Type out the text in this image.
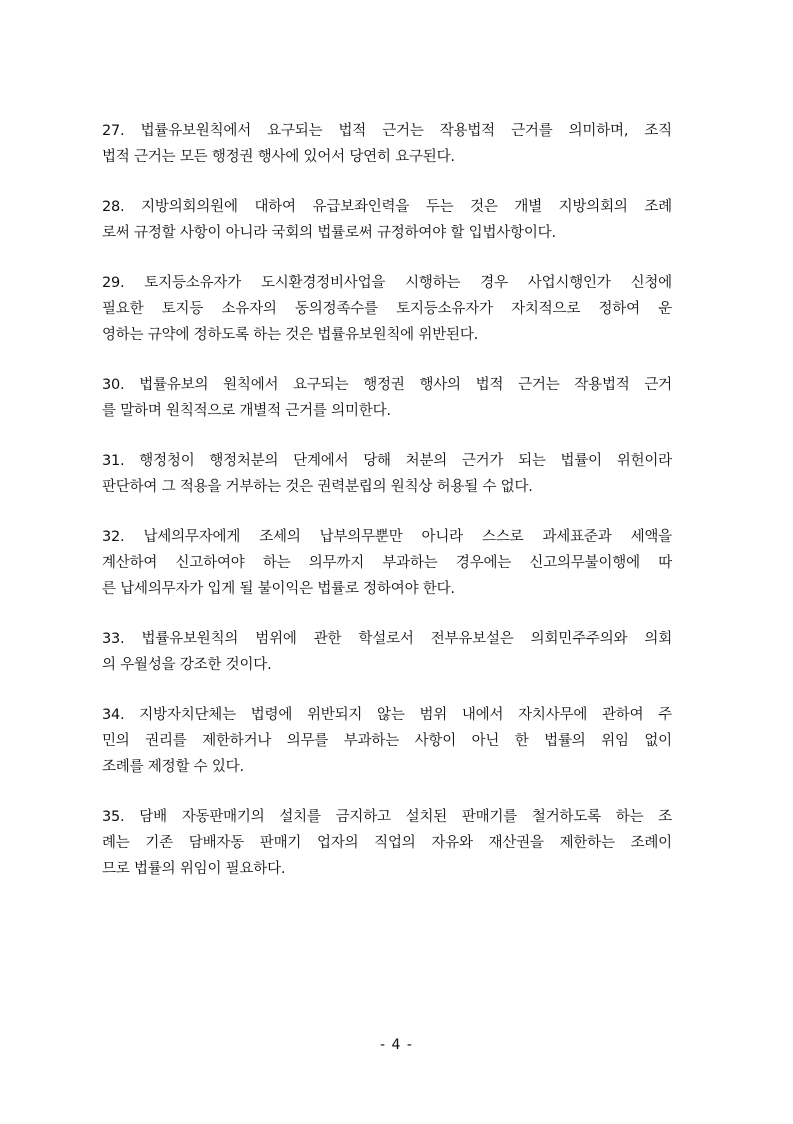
27. 법률유보원칙에서 요구되는 법적 근거는 작용법적 근거를 의미하며, 조직
법적 근거는 모든 행정권 행사에 있어서 당연히 요구된다.
28. 지방의회의원에 대하여 유급보좌인력을 두는 것은 개별 지방의회의 조례
로써 규정할 사항이 아니라 국회의 법률로써 규정하여야 할 입법사항이다.
29. 토지등소유자가 도시환경정비사업을 시행하는 경우 사업시행인가 신청에
필요한 토지등 소유자의 동의정족수를 토지등소유자가 자치적으로 정하여 운
영하는 규약에 정하도록 하는 것은 법률유보원칙에 위반된다.
30. 법률유보의 원칙에서 요구되는 행정권 행사의 법적 근거는 작용법적 근거
를 말하며 원칙적으로 개별적 근거를 의미한다.
31. 행정청이 행정처분의 단계에서 당해 처분의 근거가 되는 법률이 위헌이라
판단하여 그 적용을 거부하는 것은 권력분립의 원칙상 허용될 수 없다.
32. 납세의무자에게 조세의 납부의무뿐만 아니라 스스로 과세표준과 세액을
계산하여 신고하여야 하는 의무까지 부과하는 경우에는 신고의무불이행에 따
른 납세의무자가 입게 될 불이익은 법률로 정하여야 한다.
33. 법률유보원칙의 범위에 관한 학설로서 전부유보설은 의회민주주의와 의회
의 우월성을 강조한 것이다.
34. 지방자치단체는 법령에 위반되지 않는 범위 내에서 자치사무에 관하여 주
민의 권리를 제한하거나 의무를 부과하는 사항이 아닌 한 법률의 위임 없이
조례를 제정할 수 있다.
35. 담배 자동판매기의 설치를 금지하고 설치된 판매기를 철거하도록 하는 조
례는 기존 담배자동 판매기 업자의 직업의 자유와 재산권을 제한하는 조례이
므로 법률의 위임이 필요하다.
- 4 -
